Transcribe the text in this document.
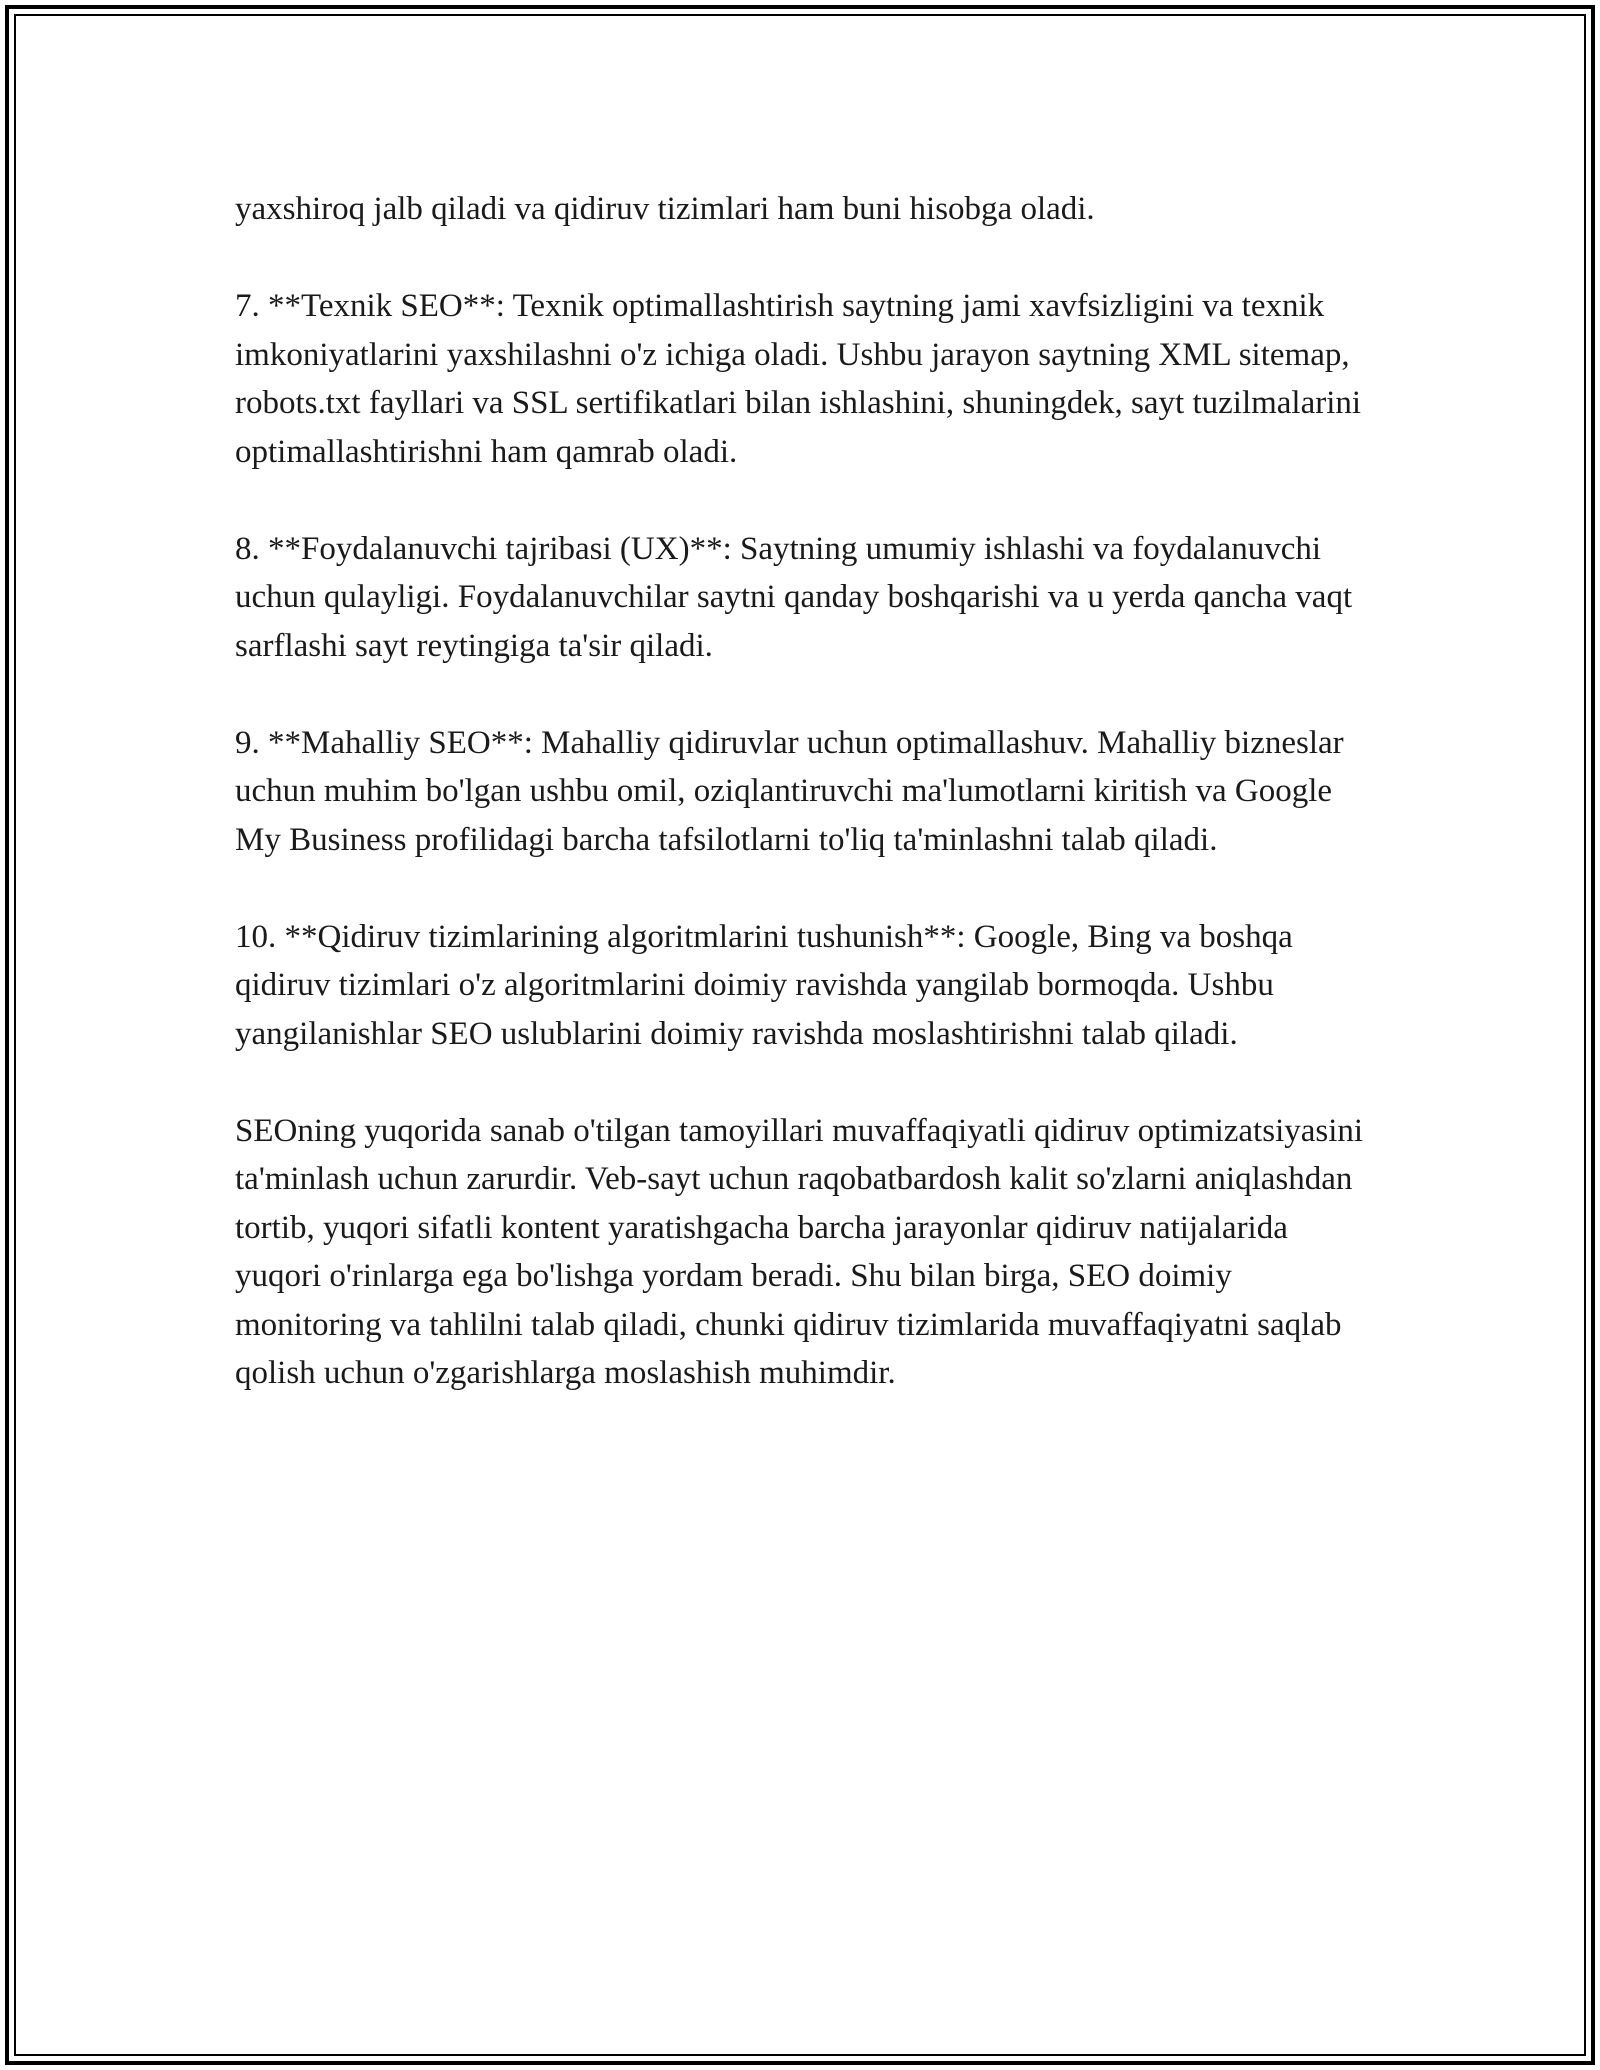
yaxshiroq jalb qiladi va qidiruv tizimlari ham buni hisobga oladi.

7. **Texnik SEO**: Texnik optimallashtirish saytning jami xavfsizligini va texnik imkoniyatlarini yaxshilashni o'z ichiga oladi. Ushbu jarayon saytning XML sitemap, robots.txt fayllari va SSL sertifikatlari bilan ishlashini, shuningdek, sayt tuzilmalarini optimallashtirishni ham qamrab oladi.

8. **Foydalanuvchi tajribasi (UX)**: Saytning umumiy ishlashi va foydalanuvchi uchun qulayligi. Foydalanuvchilar saytni qanday boshqarishi va u yerda qancha vaqt sarflashi sayt reytingiga ta'sir qiladi.

9. **Mahalliy SEO**: Mahalliy qidiruvlar uchun optimallashuv. Mahalliy bizneslar uchun muhim bo'lgan ushbu omil, oziqlantiruvchi ma'lumotlarni kiritish va Google My Business profilidagi barcha tafsilotlarni to'liq ta'minlashni talab qiladi.

10. **Qidiruv tizimlarining algoritmlarini tushunish**: Google, Bing va boshqa qidiruv tizimlari o'z algoritmlarini doimiy ravishda yangilab bormoqda. Ushbu yangilanishlar SEO uslublarini doimiy ravishda moslashtirishni talab qiladi.

SEOning yuqorida sanab o'tilgan tamoyillari muvaffaqiyatli qidiruv optimizatsiyasini ta'minlash uchun zarurdir. Veb-sayt uchun raqobatbardosh kalit so'zlarni aniqlashdan tortib, yuqori sifatli kontent yaratishgacha barcha jarayonlar qidiruv natijalarida yuqori o'rinlarga ega bo'lishga yordam beradi. Shu bilan birga, SEO doimiy monitoring va tahlilni talab qiladi, chunki qidiruv tizimlarida muvaffaqiyatni saqlab qolish uchun o'zgarishlarga moslashish muhimdir.
